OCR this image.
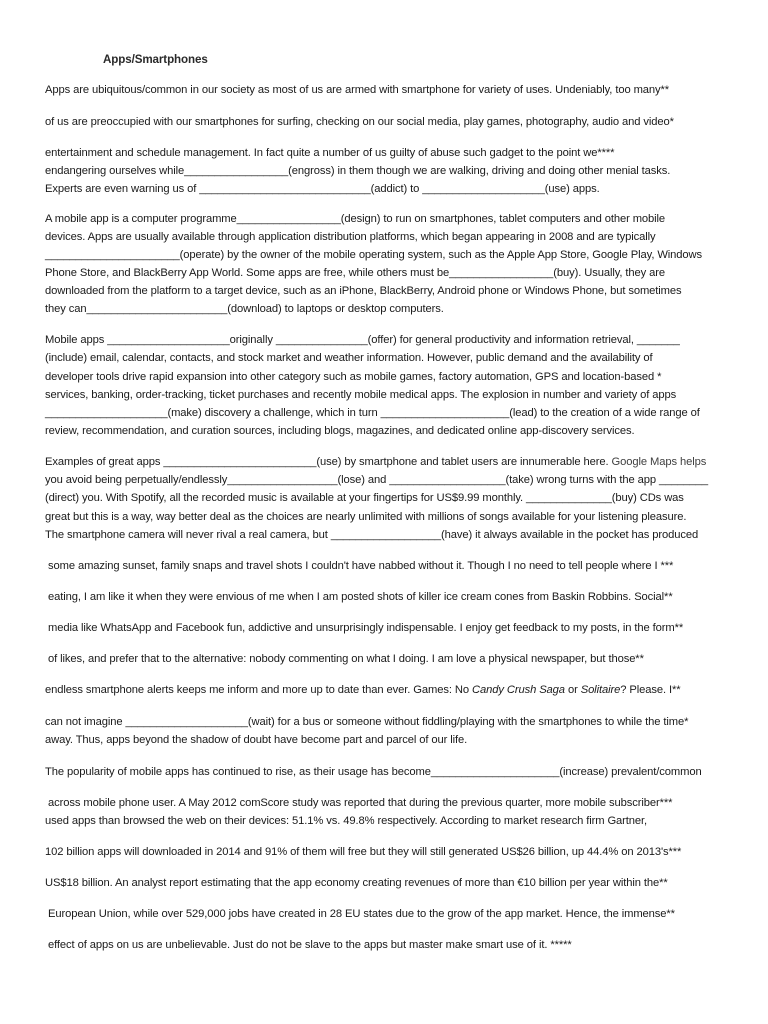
Apps/Smartphones
Apps are ubiquitous/common in our society as most of us are armed with smartphone for variety of uses. Undeniably, too many**
of us are preoccupied with our smartphones for surfing, checking on our social media, play games, photography, audio and video*
entertainment and schedule management. In fact quite a number of us guilty of abuse such gadget to the point we****
endangering ourselves while_________________(engross) in them though we are walking, driving and doing other menial tasks.
Experts are even warning us of ____________________________(addict) to ____________________(use) apps.
A mobile app is a computer programme_________________(design) to run on smartphones, tablet computers and other mobile
devices. Apps are usually available through application distribution platforms, which began appearing in 2008 and are typically
______________________(operate) by the owner of the mobile operating system, such as the Apple App Store, Google Play, Windows
Phone Store, and BlackBerry App World. Some apps are free, while others must be_________________(buy). Usually, they are
downloaded from the platform to a target device, such as an iPhone, BlackBerry, Android phone or Windows Phone, but sometimes
they can_______________________(download) to laptops or desktop computers.
Mobile apps ____________________originally _______________(offer) for general productivity and information retrieval, _______
(include) email, calendar, contacts, and stock market and weather information. However, public demand and the availability of
developer tools drive rapid expansion into other category such as mobile games, factory automation, GPS and location-based *
services, banking, order-tracking, ticket purchases and recently mobile medical apps. The explosion in number and variety of apps
____________________(make) discovery a challenge, which in turn _____________________(lead) to the creation of a wide range of
review, recommendation, and curation sources, including blogs, magazines, and dedicated online app-discovery services.
Examples of great apps _________________________(use) by smartphone and tablet users are innumerable here. Google Maps helps
you avoid being perpetually/endlessly__________________(lose) and ___________________(take) wrong turns with the app ________
(direct) you. With Spotify, all the recorded music is available at your fingertips for US$9.99 monthly. ______________(buy) CDs was
great but this is a way, way better deal as the choices are nearly unlimited with millions of songs available for your listening pleasure.
The smartphone camera will never rival a real camera, but __________________(have) it always available in the pocket has produced
some amazing sunset, family snaps and travel shots I couldn't have nabbed without it. Though I no need to tell people where I ***
eating, I am like it when they were envious of me when I am posted shots of killer ice cream cones from Baskin Robbins. Social**
media like WhatsApp and Facebook fun, addictive and unsurprisingly indispensable. I enjoy get feedback to my posts, in the form**
of likes, and prefer that to the alternative: nobody commenting on what I doing. I am love a physical newspaper, but those**
endless smartphone alerts keeps me inform and more up to date than ever. Games: No Candy Crush Saga or Solitaire? Please. I**
can not imagine ____________________(wait) for a bus or someone without fiddling/playing with the smartphones to while the time*
away. Thus, apps beyond the shadow of doubt have become part and parcel of our life.
The popularity of mobile apps has continued to rise, as their usage has become_____________________(increase) prevalent/common
across mobile phone user. A May 2012 comScore study was reported that during the previous quarter, more mobile subscriber***
used apps than browsed the web on their devices: 51.1% vs. 49.8% respectively. According to market research firm Gartner,
102 billion apps will downloaded in 2014 and 91% of them will free but they will still generated US$26 billion, up 44.4% on 2013's***
US$18 billion. An analyst report estimating that the app economy creating revenues of more than €10 billion per year within the**
European Union, while over 529,000 jobs have created in 28 EU states due to the grow of the app market. Hence, the immense**
effect of apps on us are unbelievable. Just do not be slave to the apps but master make smart use of it. *****
